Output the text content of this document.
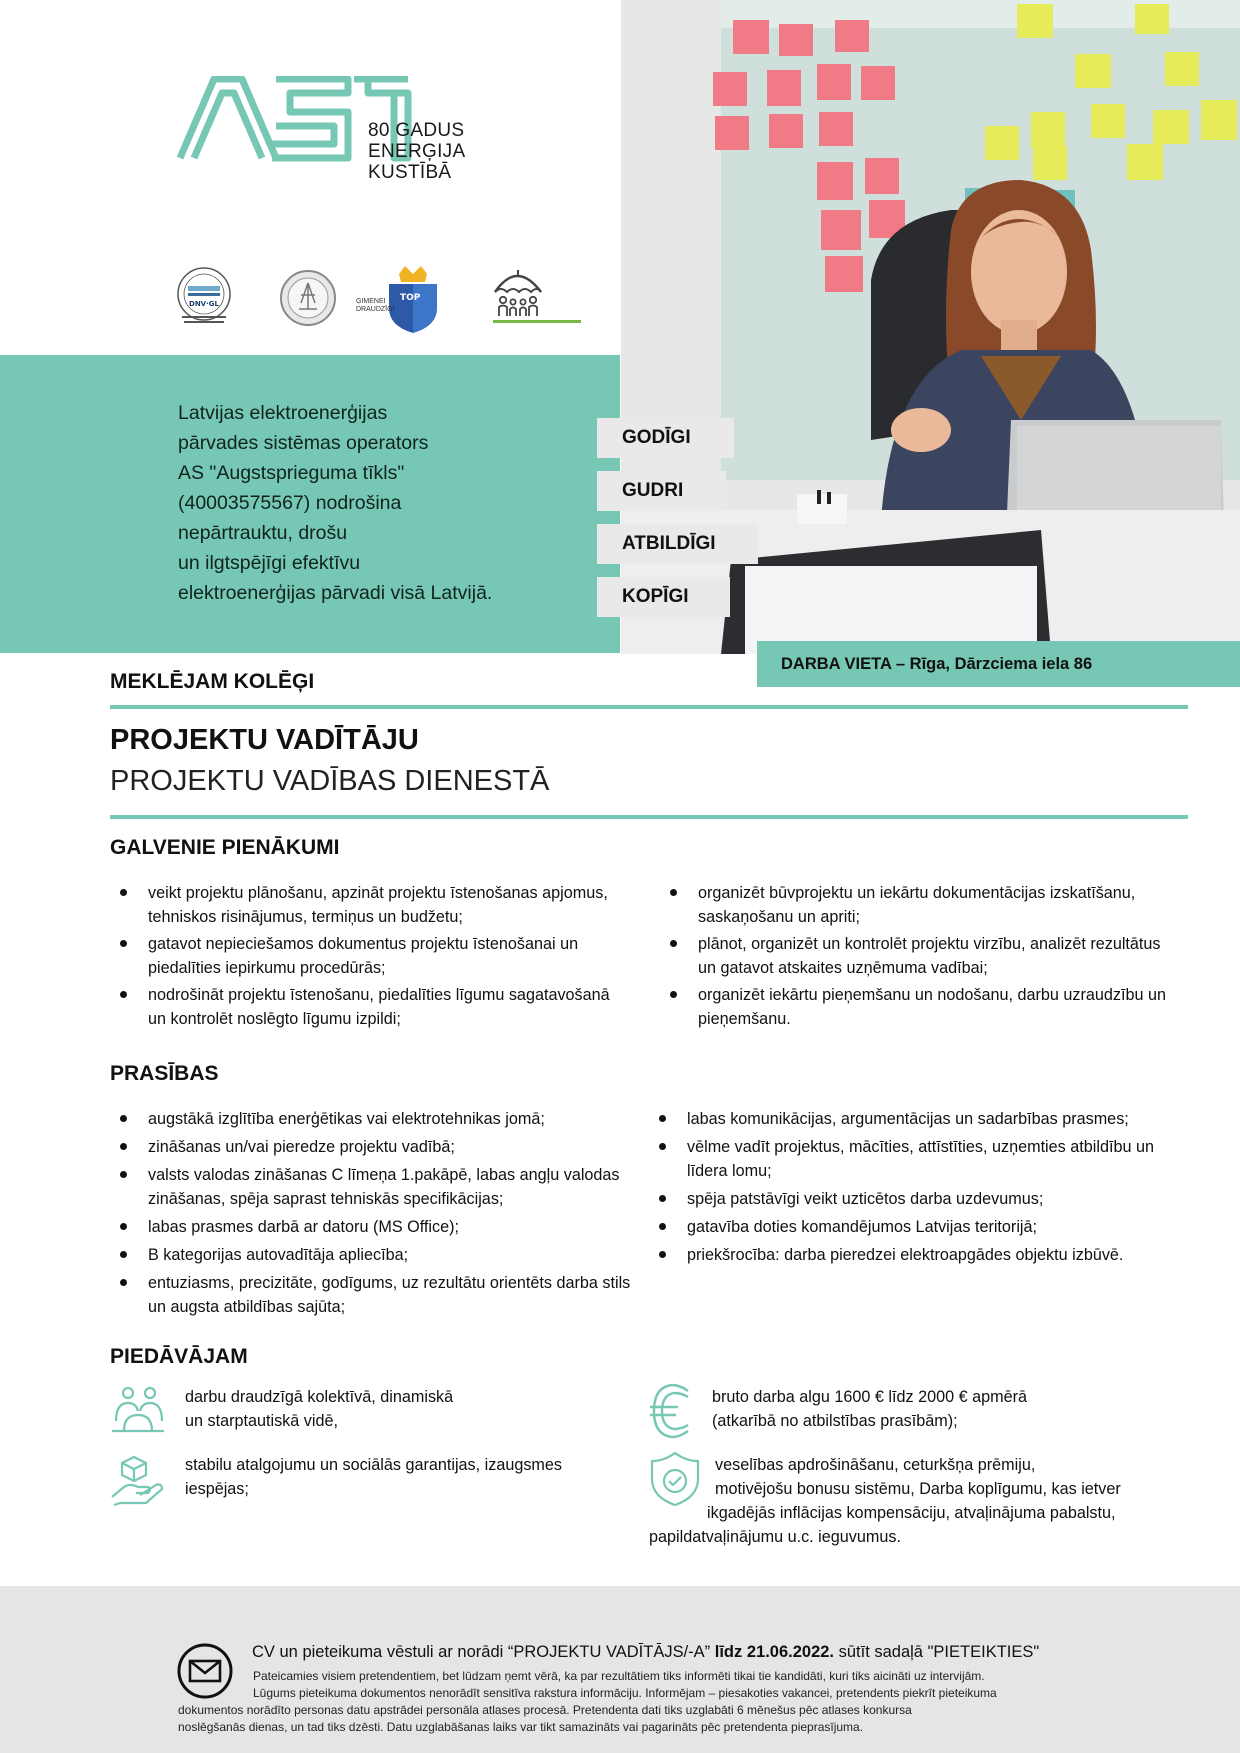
80 GADUS
ENERĢIJA
KUSTĪBĀ
DNV·GL
TOP
ĢIMENEI DRAUDZĪGI
Latvijas elektroenerģijas
pārvades sistēmas operators
AS "Augstsprieguma tīkls"
(40003575567) nodrošina
nepārtrauktu, drošu
un ilgtspējīgi efektīvu
elektroenerģijas pārvadi visā Latvijā.
GODĪGI
GUDRI
ATBILDĪGI
KOPĪGI
DARBA VIETA – Rīga, Dārzciema iela 86
MEKLĒJAM KOLĒĢI
PROJEKTU VADĪTĀJU
PROJEKTU VADĪBAS DIENESTĀ
GALVENIE PIENĀKUMI
veikt projektu plānošanu, apzināt projektu īstenošanas apjomus, tehniskos risinājumus, termiņus un budžetu;
gatavot nepieciešamos dokumentus projektu īstenošanai un piedalīties iepirkumu procedūrās;
nodrošināt projektu īstenošanu, piedalīties līgumu sagatavošanā un kontrolēt noslēgto līgumu izpildi;
organizēt būvprojektu un iekārtu dokumentācijas izskatīšanu, saskaņošanu un apriti;
plānot, organizēt un kontrolēt projektu virzību, analizēt rezultātus un gatavot atskaites uzņēmuma vadībai;
organizēt iekārtu pieņemšanu un nodošanu, darbu uzraudzību un pieņemšanu.
PRASĪBAS
augstākā izglītība enerģētikas vai elektrotehnikas jomā;
zināšanas un/vai pieredze projektu vadībā;
valsts valodas zināšanas C līmeņa 1.pakāpē, labas angļu valodas zināšanas, spēja saprast tehniskās specifikācijas;
labas prasmes darbā ar datoru (MS Office);
B kategorijas autovadītāja apliecība;
entuziasms, precizitāte, godīgums, uz rezultātu orientēts darba stils un augsta atbildības sajūta;
labas komunikācijas, argumentācijas un sadarbības prasmes;
vēlme vadīt projektus, mācīties, attīstīties, uzņemties atbildību un līdera lomu;
spēja patstāvīgi veikt uzticētos darba uzdevumus;
gatavība doties komandējumos Latvijas teritorijā;
priekšrocība: darba pieredzei elektroapgādes objektu izbūvē.
PIEDĀVĀJAM
darbu draudzīgā kolektīvā, dinamiskā
un starptautiskā vidē,
bruto darba algu 1600 € līdz 2000 € apmērā
(atkarībā no atbilstības prasībām);
stabilu atalgojumu un sociālās garantijas, izaugsmes
iespējas;
veselības apdrošināšanu, ceturkšņa prēmiju,
motivējošu bonusu sistēmu, Darba koplīgumu, kas ietver
ikgadējās inflācijas kompensāciju, atvaļinājuma pabalstu,
papildatvaļinājumu u.c. ieguvumus.
CV un pieteikuma vēstuli ar norādi “PROJEKTU VADĪTĀJS/-A” līdz 21.06.2022. sūtīt sadaļā "PIETEIKTIES"
Pateicamies visiem pretendentiem, bet lūdzam ņemt vērā, ka par rezultātiem tiks informēti tikai tie kandidāti, kuri tiks aicināti uz intervijām.
Lūgums pieteikuma dokumentos nenorādīt sensitīva rakstura informāciju. Informējam – piesakoties vakancei, pretendents piekrīt pieteikuma
dokumentos norādīto personas datu apstrādei personāla atlases procesā. Pretendenta dati tiks uzglabāti 6 mēnešus pēc atlases konkursa
noslēgšanās dienas, un tad tiks dzēsti. Datu uzglabāšanas laiks var tikt samazināts vai pagarināts pēc pretendenta pieprasījuma.
